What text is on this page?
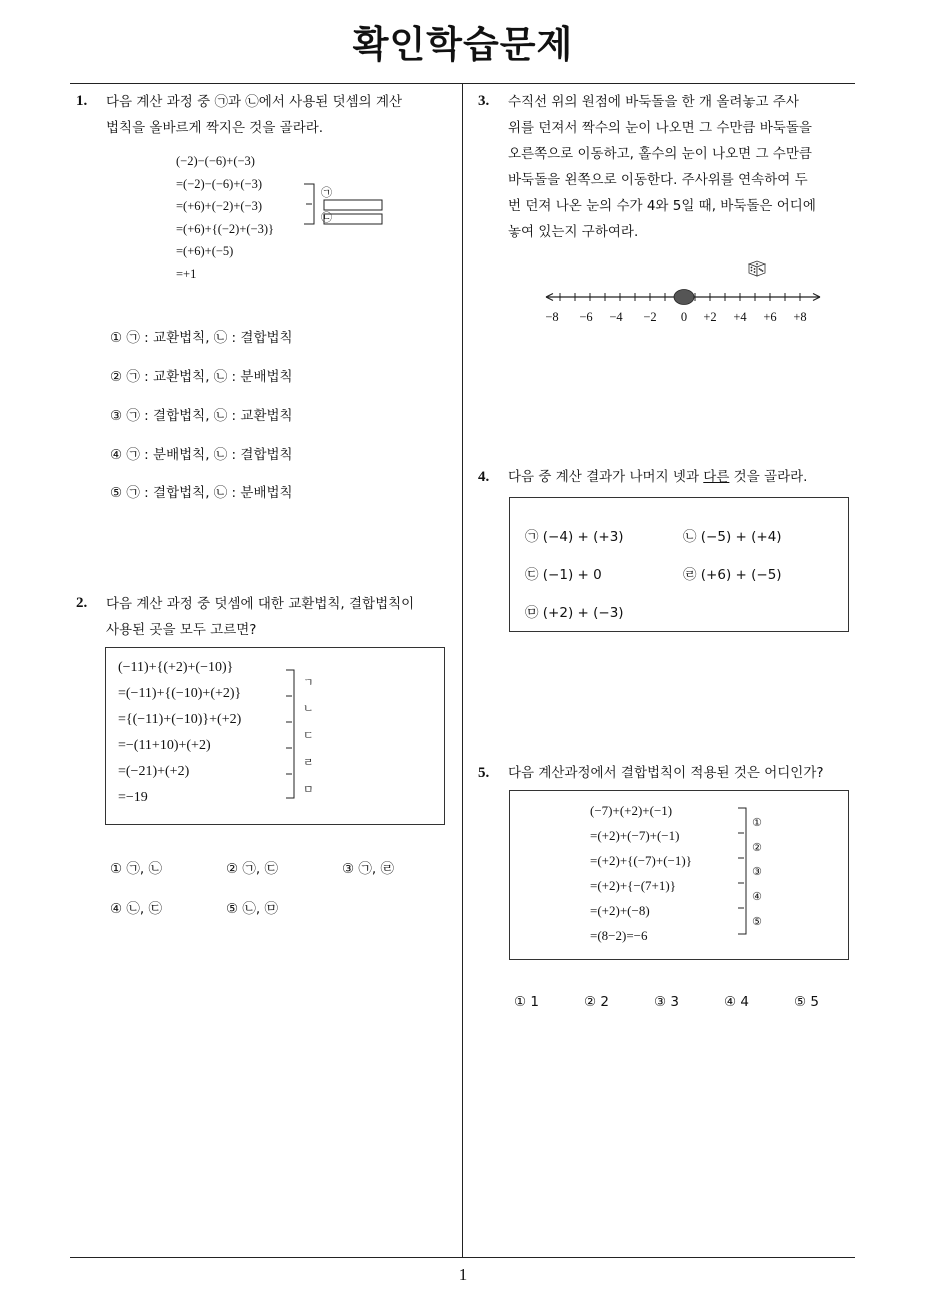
확인학습문제
1. 다음 계산 과정 중 ㉠과 ㉡에서 사용된 덧셈의 계산
법칙을 올바르게 짝지은 것을 골라라.
(−2)−(−6)+(−3)
=(−2)−(−6)+(−3)
=(+6)+(−2)+(−3)
=(+6)+{(−2)+(−3)}
=(+6)+(−5)
=+1
㉠
㉡
① ㉠ : 교환법칙, ㉡ : 결합법칙
② ㉠ : 교환법칙, ㉡ : 분배법칙
③ ㉠ : 결합법칙, ㉡ : 교환법칙
④ ㉠ : 분배법칙, ㉡ : 결합법칙
⑤ ㉠ : 결합법칙, ㉡ : 분배법칙
2. 다음 계산 과정 중 덧셈에 대한 교환법칙, 결합법칙이
사용된 곳을 모두 고르면?
(−11)+{(+2)+(−10)}
=(−11)+{(−10)+(+2)}
={(−11)+(−10)}+(+2)
=−(11+10)+(+2)
=(−21)+(+2)
=−19
ㄱ
ㄴ
ㄷ
ㄹ
ㅁ
① ㉠, ㉡	② ㉠, ㉢	③ ㉠, ㉣
④ ㉡, ㉢	⑤ ㉡, ㉤
3. 수직선 위의 원점에 바둑돌을 한 개 올려놓고 주사
위를 던져서 짝수의 눈이 나오면 그 수만큼 바둑돌을
오른쪽으로 이동하고, 홀수의 눈이 나오면 그 수만큼
바둑돌을 왼쪽으로 이동한다. 주사위를 연속하여 두
번 던져 나온 눈의 수가 4와 5일 때, 바둑돌은 어디에
놓여 있는지 구하여라.
−8	−6	−4	−2	0	+2	+4	+6	+8
4. 다음 중 계산 결과가 나머지 넷과 다른 것을 골라라.
㉠ (−4) + (+3)	㉡ (−5) + (+4)
㉢ (−1) + 0	㉣ (+6) + (−5)
㉤ (+2) + (−3)
5. 다음 계산과정에서 결합법칙이 적용된 것은 어디인가?
(−7)+(+2)+(−1)
=(+2)+(−7)+(−1)
=(+2)+{(−7)+(−1)}
=(+2)+{−(7+1)}
=(+2)+(−8)
=(8−2)=−6
①
②
③
④
⑤
① 1	② 2	③ 3	④ 4	⑤ 5
1
